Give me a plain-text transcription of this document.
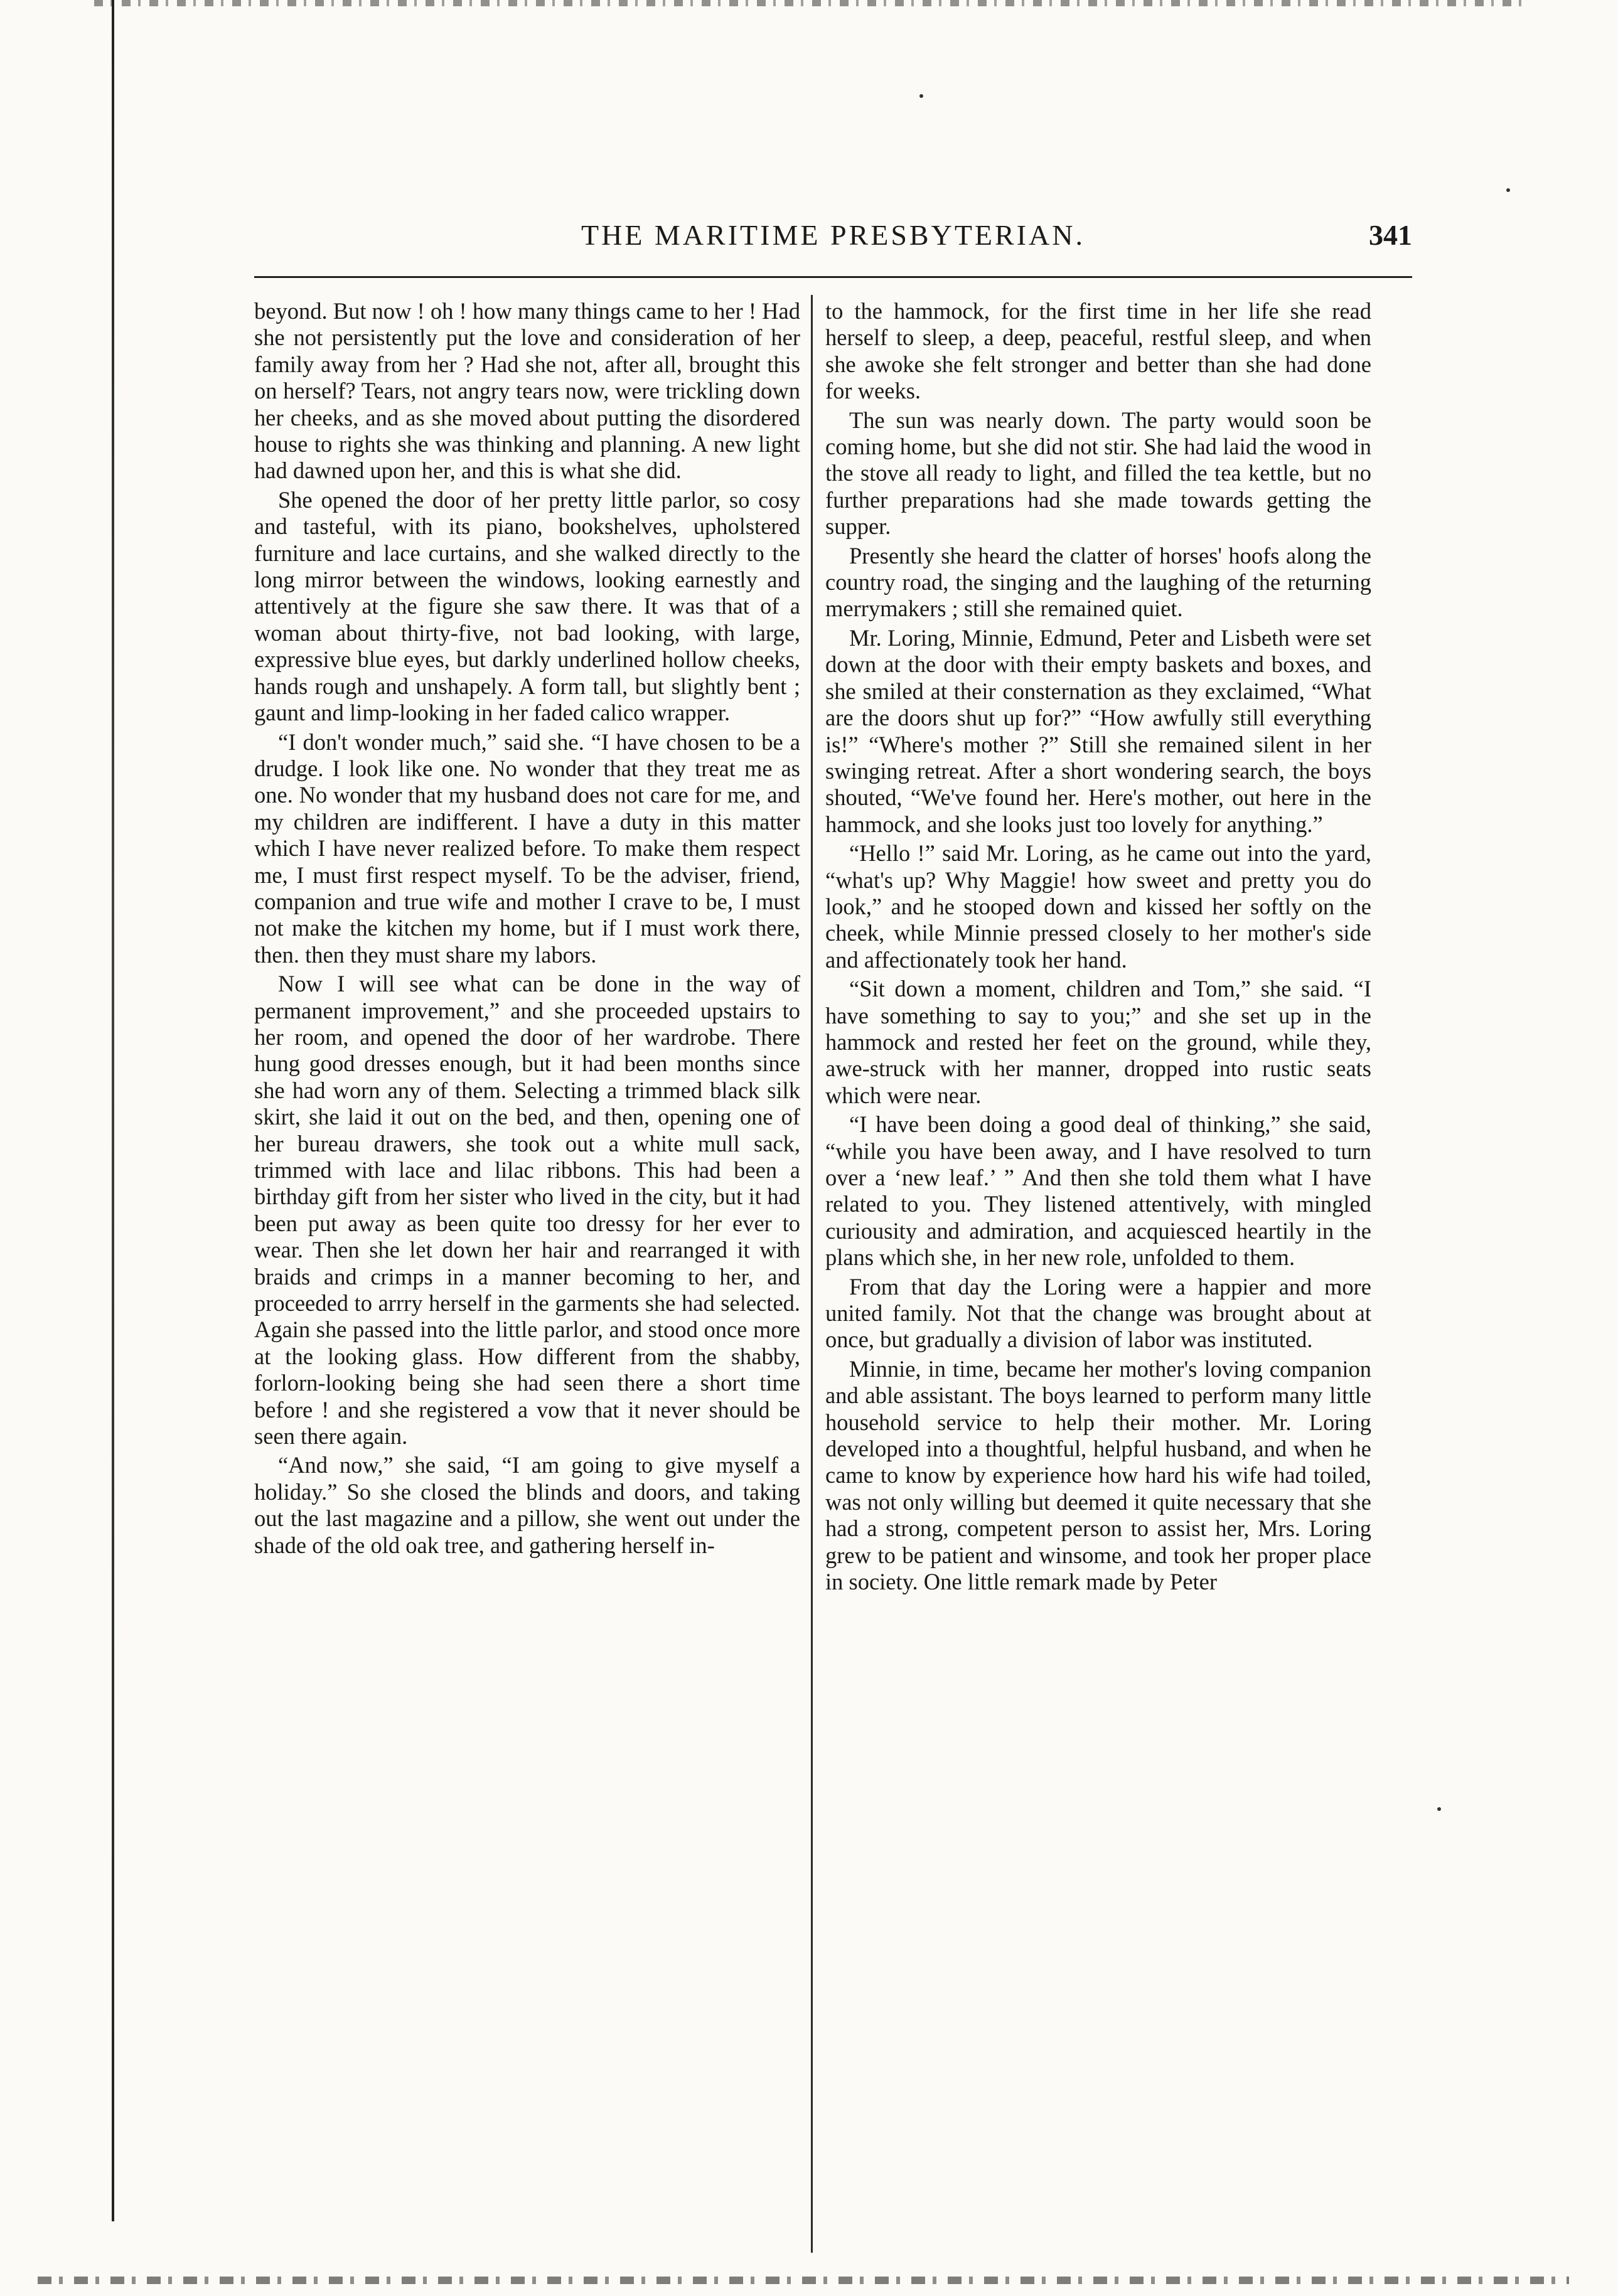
THE MARITIME PRESBYTERIAN.	341

beyond. But now ! oh ! how many things came to her ! Had she not persistently put the love and consideration of her family away from her ? Had she not, after all, brought this on herself? Tears, not angry tears now, were trickling down her cheeks, and as she moved about putting the disordered house to rights she was thinking and planning. A new light had dawned upon her, and this is what she did.

She opened the door of her pretty little parlor, so cosy and tasteful, with its piano, bookshelves, upholstered furniture and lace curtains, and she walked directly to the long mirror between the windows, looking earnestly and attentively at the figure she saw there. It was that of a woman about thirty-five, not bad looking, with large, expressive blue eyes, but darkly underlined hollow cheeks, hands rough and unshapely. A form tall, but slightly bent ; gaunt and limp-looking in her faded calico wrapper.

“I don't wonder much,” said she. “I have chosen to be a drudge. I look like one. No wonder that they treat me as one. No wonder that my husband does not care for me, and my children are indifferent. I have a duty in this matter which I have never realized before. To make them respect me, I must first respect myself. To be the adviser, friend, companion and true wife and mother I crave to be, I must not make the kitchen my home, but if I must work there, then. then they must share my labors.

Now I will see what can be done in the way of permanent improvement,” and she proceeded upstairs to her room, and opened the door of her wardrobe. There hung good dresses enough, but it had been months since she had worn any of them. Selecting a trimmed black silk skirt, she laid it out on the bed, and then, opening one of her bureau drawers, she took out a white mull sack, trimmed with lace and lilac ribbons. This had been a birthday gift from her sister who lived in the city, but it had been put away as been quite too dressy for her ever to wear. Then she let down her hair and rearranged it with braids and crimps in a manner becoming to her, and proceeded to arrry herself in the garments she had selected. Again she passed into the little parlor, and stood once more at the looking glass. How different from the shabby, forlorn-looking being she had seen there a short time before ! and she registered a vow that it never should be seen there again.

“And now,” she said, “I am going to give myself a holiday.” So she closed the blinds and doors, and taking out the last magazine and a pillow, she went out under the shade of the old oak tree, and gathering herself in-

to the hammock, for the first time in her life she read herself to sleep, a deep, peaceful, restful sleep, and when she awoke she felt stronger and better than she had done for weeks.

The sun was nearly down. The party would soon be coming home, but she did not stir. She had laid the wood in the stove all ready to light, and filled the tea kettle, but no further preparations had she made towards getting the supper.

Presently she heard the clatter of horses' hoofs along the country road, the singing and the laughing of the returning merrymakers ; still she remained quiet.

Mr. Loring, Minnie, Edmund, Peter and Lisbeth were set down at the door with their empty baskets and boxes, and she smiled at their consternation as they exclaimed, “What are the doors shut up for?” “How awfully still everything is!” “Where's mother ?” Still she remained silent in her swinging retreat. After a short wondering search, the boys shouted, “We've found her. Here's mother, out here in the hammock, and she looks just too lovely for anything.”

“Hello !” said Mr. Loring, as he came out into the yard, “what's up? Why Maggie! how sweet and pretty you do look,” and he stooped down and kissed her softly on the cheek, while Minnie pressed closely to her mother's side and affectionately took her hand.

“Sit down a moment, children and Tom,” she said. “I have something to say to you;” and she set up in the hammock and rested her feet on the ground, while they, awe-struck with her manner, dropped into rustic seats which were near.

“I have been doing a good deal of thinking,” she said, “while you have been away, and I have resolved to turn over a ‘new leaf.’ ” And then she told them what I have related to you. They listened attentively, with mingled curiousity and admiration, and acquiesced heartily in the plans which she, in her new role, unfolded to them.

From that day the Loring were a happier and more united family. Not that the change was brought about at once, but gradually a division of labor was instituted.

Minnie, in time, became her mother's loving companion and able assistant. The boys learned to perform many little household service to help their mother. Mr. Loring developed into a thoughtful, helpful husband, and when he came to know by experience how hard his wife had toiled, was not only willing but deemed it quite necessary that she had a strong, competent person to assist her, Mrs. Loring grew to be patient and winsome, and took her proper place in society. One little remark made by Peter
